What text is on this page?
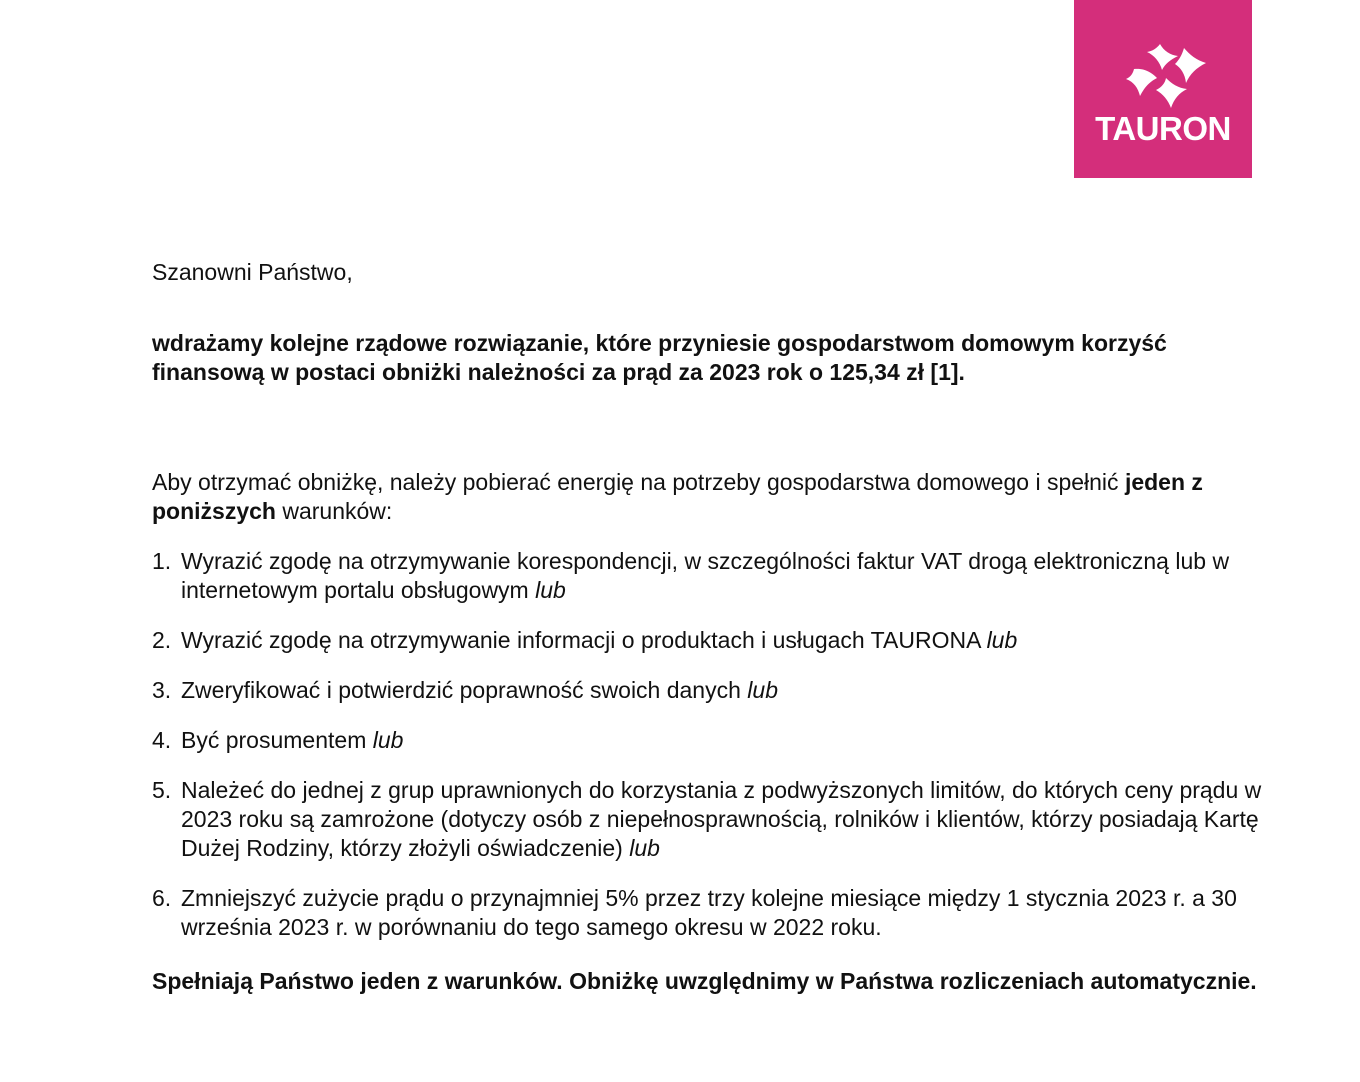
TAURON

Szanowni Państwo,

wdrażamy kolejne rządowe rozwiązanie, które przyniesie gospodarstwom domowym korzyść finansową w postaci obniżki należności za prąd za 2023 rok o 125,34 zł [1].

Aby otrzymać obniżkę, należy pobierać energię na potrzeby gospodarstwa domowego i spełnić jeden z poniższych warunków:

1. Wyrazić zgodę na otrzymywanie korespondencji, w szczególności faktur VAT drogą elektroniczną lub w internetowym portalu obsługowym lub
2. Wyrazić zgodę na otrzymywanie informacji o produktach i usługach TAURONA lub
3. Zweryfikować i potwierdzić poprawność swoich danych lub
4. Być prosumentem lub
5. Należeć do jednej z grup uprawnionych do korzystania z podwyższonych limitów, do których ceny prądu w 2023 roku są zamrożone (dotyczy osób z niepełnosprawnością, rolników i klientów, którzy posiadają Kartę Dużej Rodziny, którzy złożyli oświadczenie) lub
6. Zmniejszyć zużycie prądu o przynajmniej 5% przez trzy kolejne miesiące między 1 stycznia 2023 r. a 30 września 2023 r. w porównaniu do tego samego okresu w 2022 roku.

Spełniają Państwo jeden z warunków. Obniżkę uwzględnimy w Państwa rozliczeniach automatycznie.
